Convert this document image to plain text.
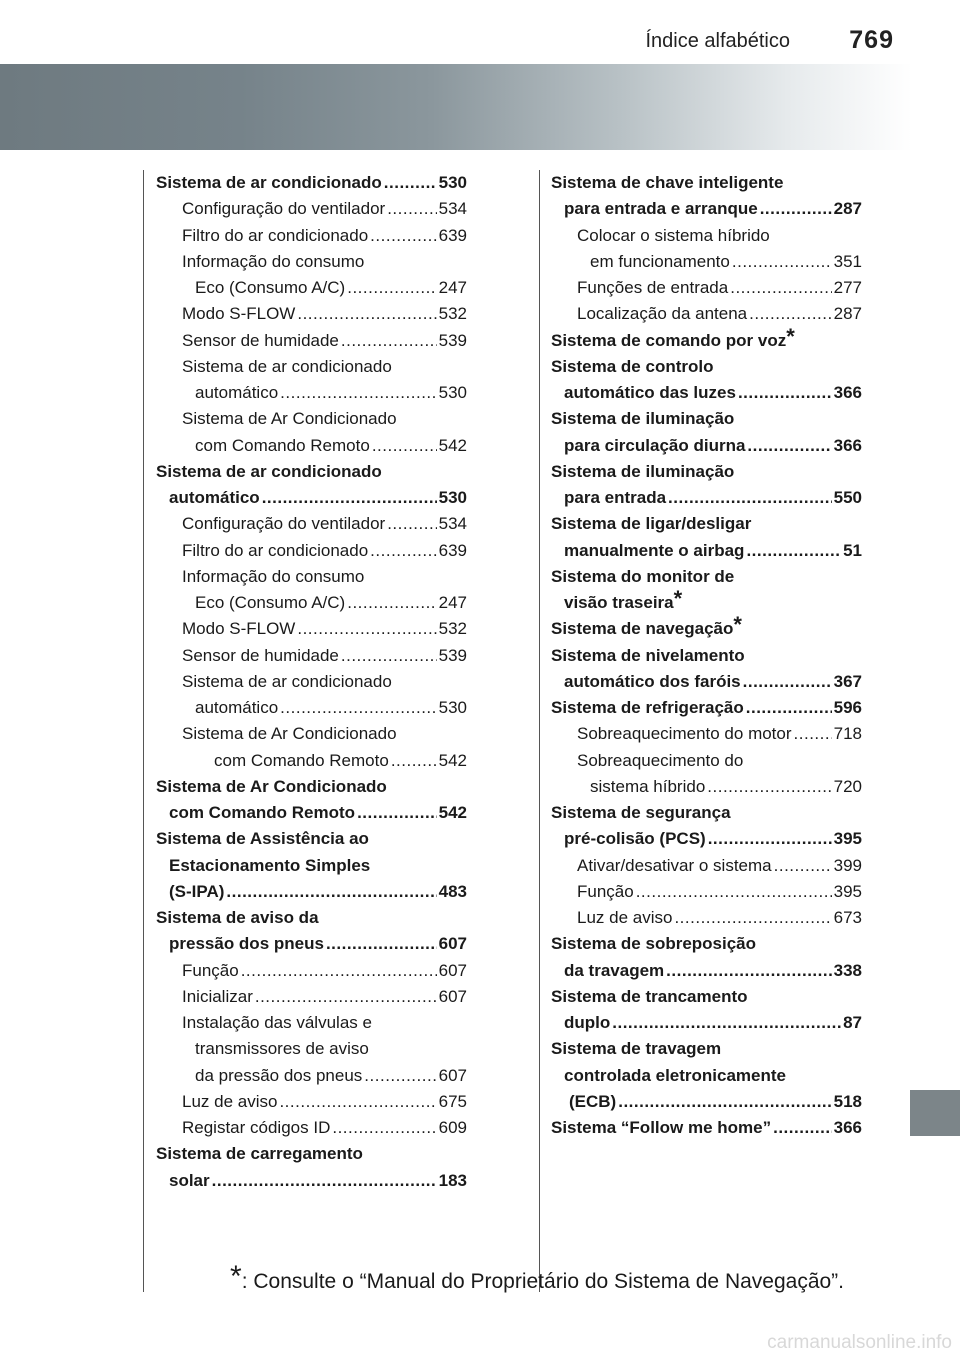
Índice alfabético 769
Sistema de ar condicionado .....	530
Configuração do ventilador .....	534
Filtro do ar condicionado .....	639
Informação do consumo
Eco (Consumo A/C) .....	247
Modo S-FLOW .....	532
Sensor de humidade .....	539
Sistema de ar condicionado
automático .....	530
Sistema de Ar Condicionado
com Comando Remoto .....	542
Sistema de ar condicionado
automático .....	530
Configuração do ventilador .....	534
Filtro do ar condicionado .....	639
Informação do consumo
Eco (Consumo A/C) .....	247
Modo S-FLOW .....	532
Sensor de humidade .....	539
Sistema de ar condicionado
automático .....	530
Sistema de Ar Condicionado
com Comando Remoto .....	542
Sistema de Ar Condicionado
com Comando Remoto .....	542
Sistema de Assistência ao
Estacionamento Simples
(S-IPA) .....	483
Sistema de aviso da
pressão dos pneus .....	607
Função .....	607
Inicializar .....	607
Instalação das válvulas e
transmissores de aviso
da pressão dos pneus .....	607
Luz de aviso .....	675
Registar códigos ID .....	609
Sistema de carregamento
solar .....	183
Sistema de chave inteligente
para entrada e arranque .....	287
Colocar o sistema híbrido
em funcionamento .....	351
Funções de entrada .....	277
Localização da antena .....	287
Sistema de comando por voz*
Sistema de controlo
automático das luzes .....	366
Sistema de iluminação
para circulação diurna .....	366
Sistema de iluminação
para entrada .....	550
Sistema de ligar/desligar
manualmente o airbag .....	51
Sistema do monitor de
visão traseira*
Sistema de navegação*
Sistema de nivelamento
automático dos faróis .....	367
Sistema de refrigeração .....	596
Sobreaquecimento do motor ..... 718
Sobreaquecimento do
sistema híbrido .....	720
Sistema de segurança
pré-colisão (PCS) .....	395
Ativar/desativar o sistema .....	399
Função .....	395
Luz de aviso .....	673
Sistema de sobreposição
da travagem .....	338
Sistema de trancamento
duplo .....	87
Sistema de travagem
controlada eletronicamente
(ECB) .....	518
Sistema “Follow me home” .....	366
*: Consulte o “Manual do Proprietário do Sistema de Navegação”.
carmanualsonline.info
